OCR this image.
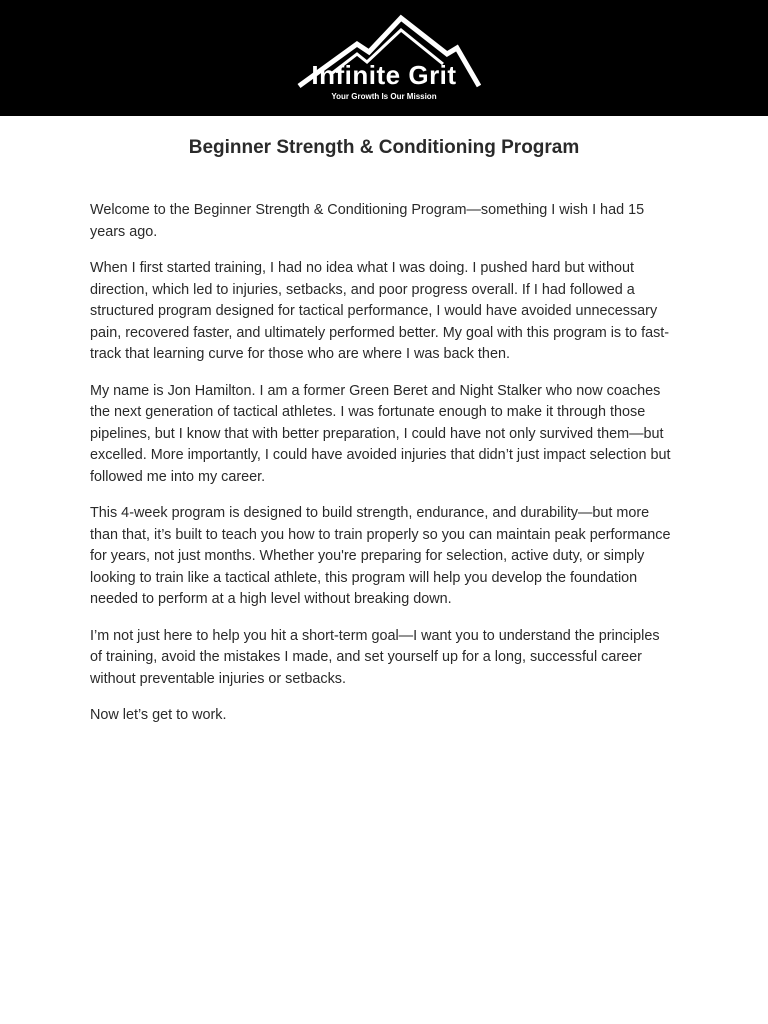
Infinite Grit
Your Growth Is Our Mission
Beginner Strength & Conditioning Program

Welcome to the Beginner Strength & Conditioning Program—something I wish I had 15 years ago.

When I first started training, I had no idea what I was doing. I pushed hard but without direction, which led to injuries, setbacks, and poor progress overall. If I had followed a structured program designed for tactical performance, I would have avoided unnecessary pain, recovered faster, and ultimately performed better. My goal with this program is to fast-track that learning curve for those who are where I was back then.

My name is Jon Hamilton. I am a former Green Beret and Night Stalker who now coaches the next generation of tactical athletes. I was fortunate enough to make it through those pipelines, but I know that with better preparation, I could have not only survived them—but excelled. More importantly, I could have avoided injuries that didn’t just impact selection but followed me into my career.

This 4-week program is designed to build strength, endurance, and durability—but more than that, it’s built to teach you how to train properly so you can maintain peak performance for years, not just months. Whether you're preparing for selection, active duty, or simply looking to train like a tactical athlete, this program will help you develop the foundation needed to perform at a high level without breaking down.

I’m not just here to help you hit a short-term goal—I want you to understand the principles of training, avoid the mistakes I made, and set yourself up for a long, successful career without preventable injuries or setbacks.

Now let’s get to work.
